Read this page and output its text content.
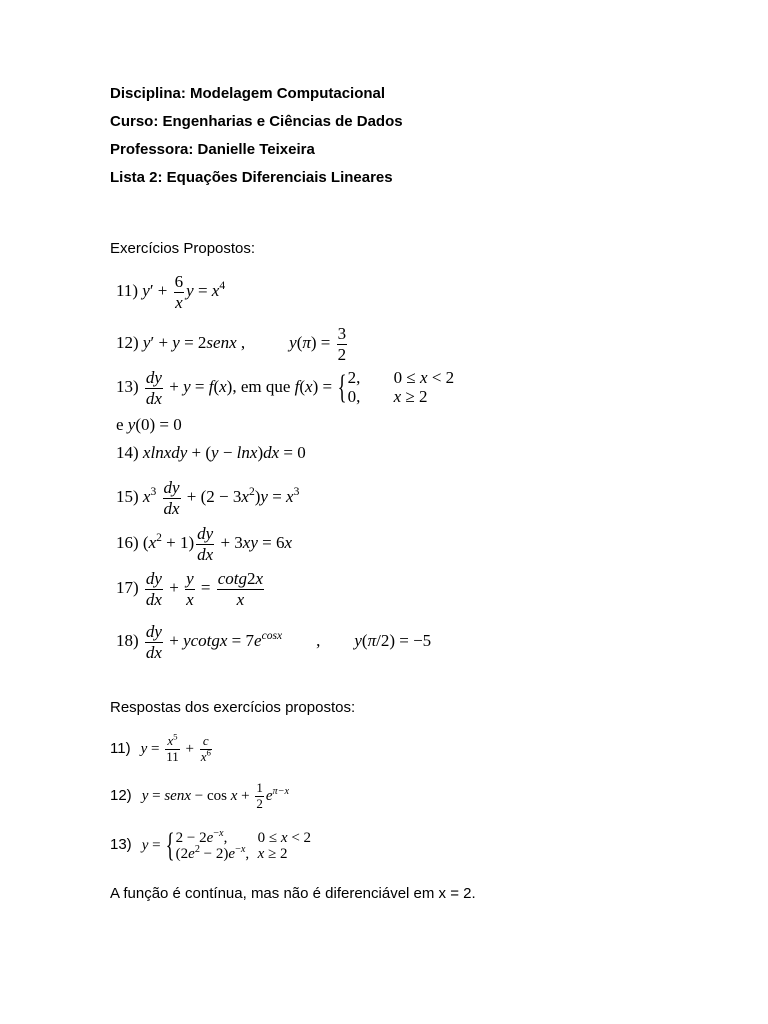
Disciplina: Modelagem Computacional
Curso: Engenharias e Ciências de Dados
Professora: Danielle Teixeira
Lista 2: Equações Diferenciais Lineares
Exercícios Propostos:
11) $y' + \frac{6}{x}$ $y = x^4$
12) y′ + y = 2senx ,	$y(\pi) = \frac{3}{2}$
$13) \frac{dy}{dx} + y = f(x)$, em que f(x) = { 2, 0 ≤ x < 2
0, x ≥ 2
e y(0) = 0
14) xlnxdy + (y − lnx)dx = 0
15) $x^3 \frac{dy}{dx} + (2 - 3x^2)y = x^3$
16) $(x^2 + 1) \frac{dy}{dx} + 3xy = 6x$
$17) \frac{dy}{dx} + \frac{y}{x} = \frac{\cot g2x}{x}$
$18) \frac{dy}{dx}$ + ycotgx = $7e^{cosx}$ , y(π/2) = −5
Respostas dos exercícios propostos:
11) $y = \frac{x^5}{11} + \frac{c}{x^6}$
12) y = senx − $\cos x + \frac{1}{2} e^{\pi-x}$
13) y = { $2 - 2e^{-x}$, 0 ≤ x < 2
$(2e^2 - 2)e^{-x}$, x ≥ 2
A função é contínua, mas não é diferenciável em x = 2.
